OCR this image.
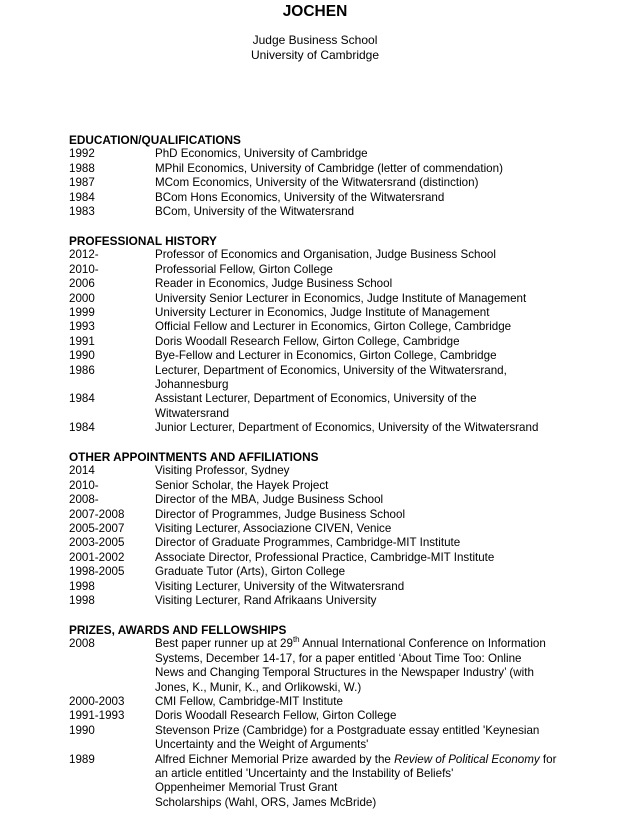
JOCHEN
Judge Business School
University of Cambridge
EDUCATION/QUALIFICATIONS
1992	PhD Economics, University of Cambridge
1988	MPhil Economics, University of Cambridge (letter of commendation)
1987	MCom Economics, University of the Witwatersrand (distinction)
1984	BCom Hons Economics, University of the Witwatersrand
1983	BCom, University of the Witwatersrand
PROFESSIONAL HISTORY
2012-	Professor of Economics and Organisation, Judge Business School
2010-	Professorial Fellow, Girton College
2006	Reader in Economics, Judge Business School
2000	University Senior Lecturer in Economics, Judge Institute of Management
1999	University Lecturer in Economics, Judge Institute of Management
1993	Official Fellow and Lecturer in Economics, Girton College, Cambridge
1991	Doris Woodall Research Fellow, Girton College, Cambridge
1990	Bye-Fellow and Lecturer in Economics, Girton College, Cambridge
1986	Lecturer, Department of Economics, University of the Witwatersrand, Johannesburg
1984	Assistant Lecturer, Department of Economics, University of the Witwatersrand
1984	Junior Lecturer, Department of Economics, University of the Witwatersrand
OTHER APPOINTMENTS AND AFFILIATIONS
2014	Visiting Professor, Sydney
2010-	Senior Scholar, the Hayek Project
2008-	Director of the MBA, Judge Business School
2007-2008	Director of Programmes, Judge Business School
2005-2007	Visiting Lecturer, Associazione CIVEN, Venice
2003-2005	Director of Graduate Programmes, Cambridge-MIT Institute
2001-2002	Associate Director, Professional Practice, Cambridge-MIT Institute
1998-2005	Graduate Tutor (Arts), Girton College
1998	Visiting Lecturer, University of the Witwatersrand
1998	Visiting Lecturer, Rand Afrikaans University
PRIZES, AWARDS AND FELLOWSHIPS
2008	Best paper runner up at 29th Annual International Conference on Information Systems, December 14-17, for a paper entitled ‘About Time Too: Online News and Changing Temporal Structures in the Newspaper Industry’ (with Jones, K., Munir, K., and Orlikowski, W.)
2000-2003	CMI Fellow, Cambridge-MIT Institute
1991-1993	Doris Woodall Research Fellow, Girton College
1990	Stevenson Prize (Cambridge) for a Postgraduate essay entitled 'Keynesian Uncertainty and the Weight of Arguments'
1989	Alfred Eichner Memorial Prize awarded by the Review of Political Economy for an article entitled 'Uncertainty and the Instability of Beliefs'
Oppenheimer Memorial Trust Grant
Scholarships (Wahl, ORS, James McBride)
